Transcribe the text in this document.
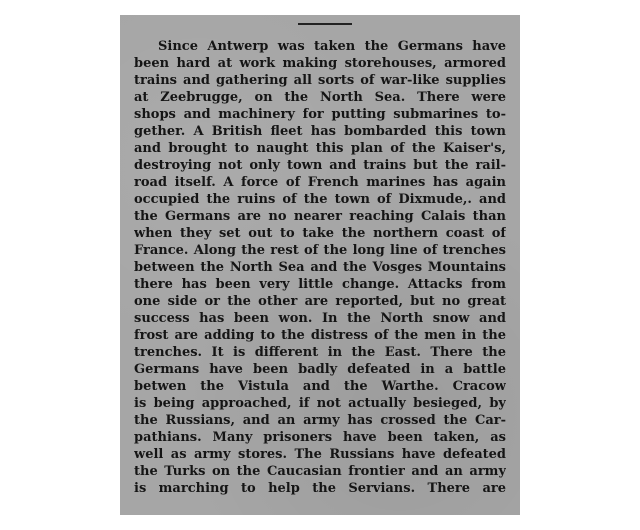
Since Antwerp was taken the Germans have
been hard at work making storehouses, armored
trains and gathering all sorts of war-like supplies
at Zeebrugge, on the North Sea. There were
shops and machinery for putting submarines to-
gether. A British fleet has bombarded this town
and brought to naught this plan of the Kaiser's,
destroying not only town and trains but the rail-
road itself. A force of French marines has again
occupied the ruins of the town of Dixmude,. and
the Germans are no nearer reaching Calais than
when they set out to take the northern coast of
France. Along the rest of the long line of trenches
between the North Sea and the Vosges Mountains
there has been very little change. Attacks from
one side or the other are reported, but no great
success has been won. In the North snow and
frost are adding to the distress of the men in the
trenches. It is different in the East. There the
Germans have been badly defeated in a battle
betwen the Vistula and the Warthe. Cracow
is being approached, if not actually besieged, by
the Russians, and an army has crossed the Car-
pathians. Many prisoners have been taken, as
well as army stores. The Russians have defeated
the Turks on the Caucasian frontier and an army
is marching to help the Servians. There are
